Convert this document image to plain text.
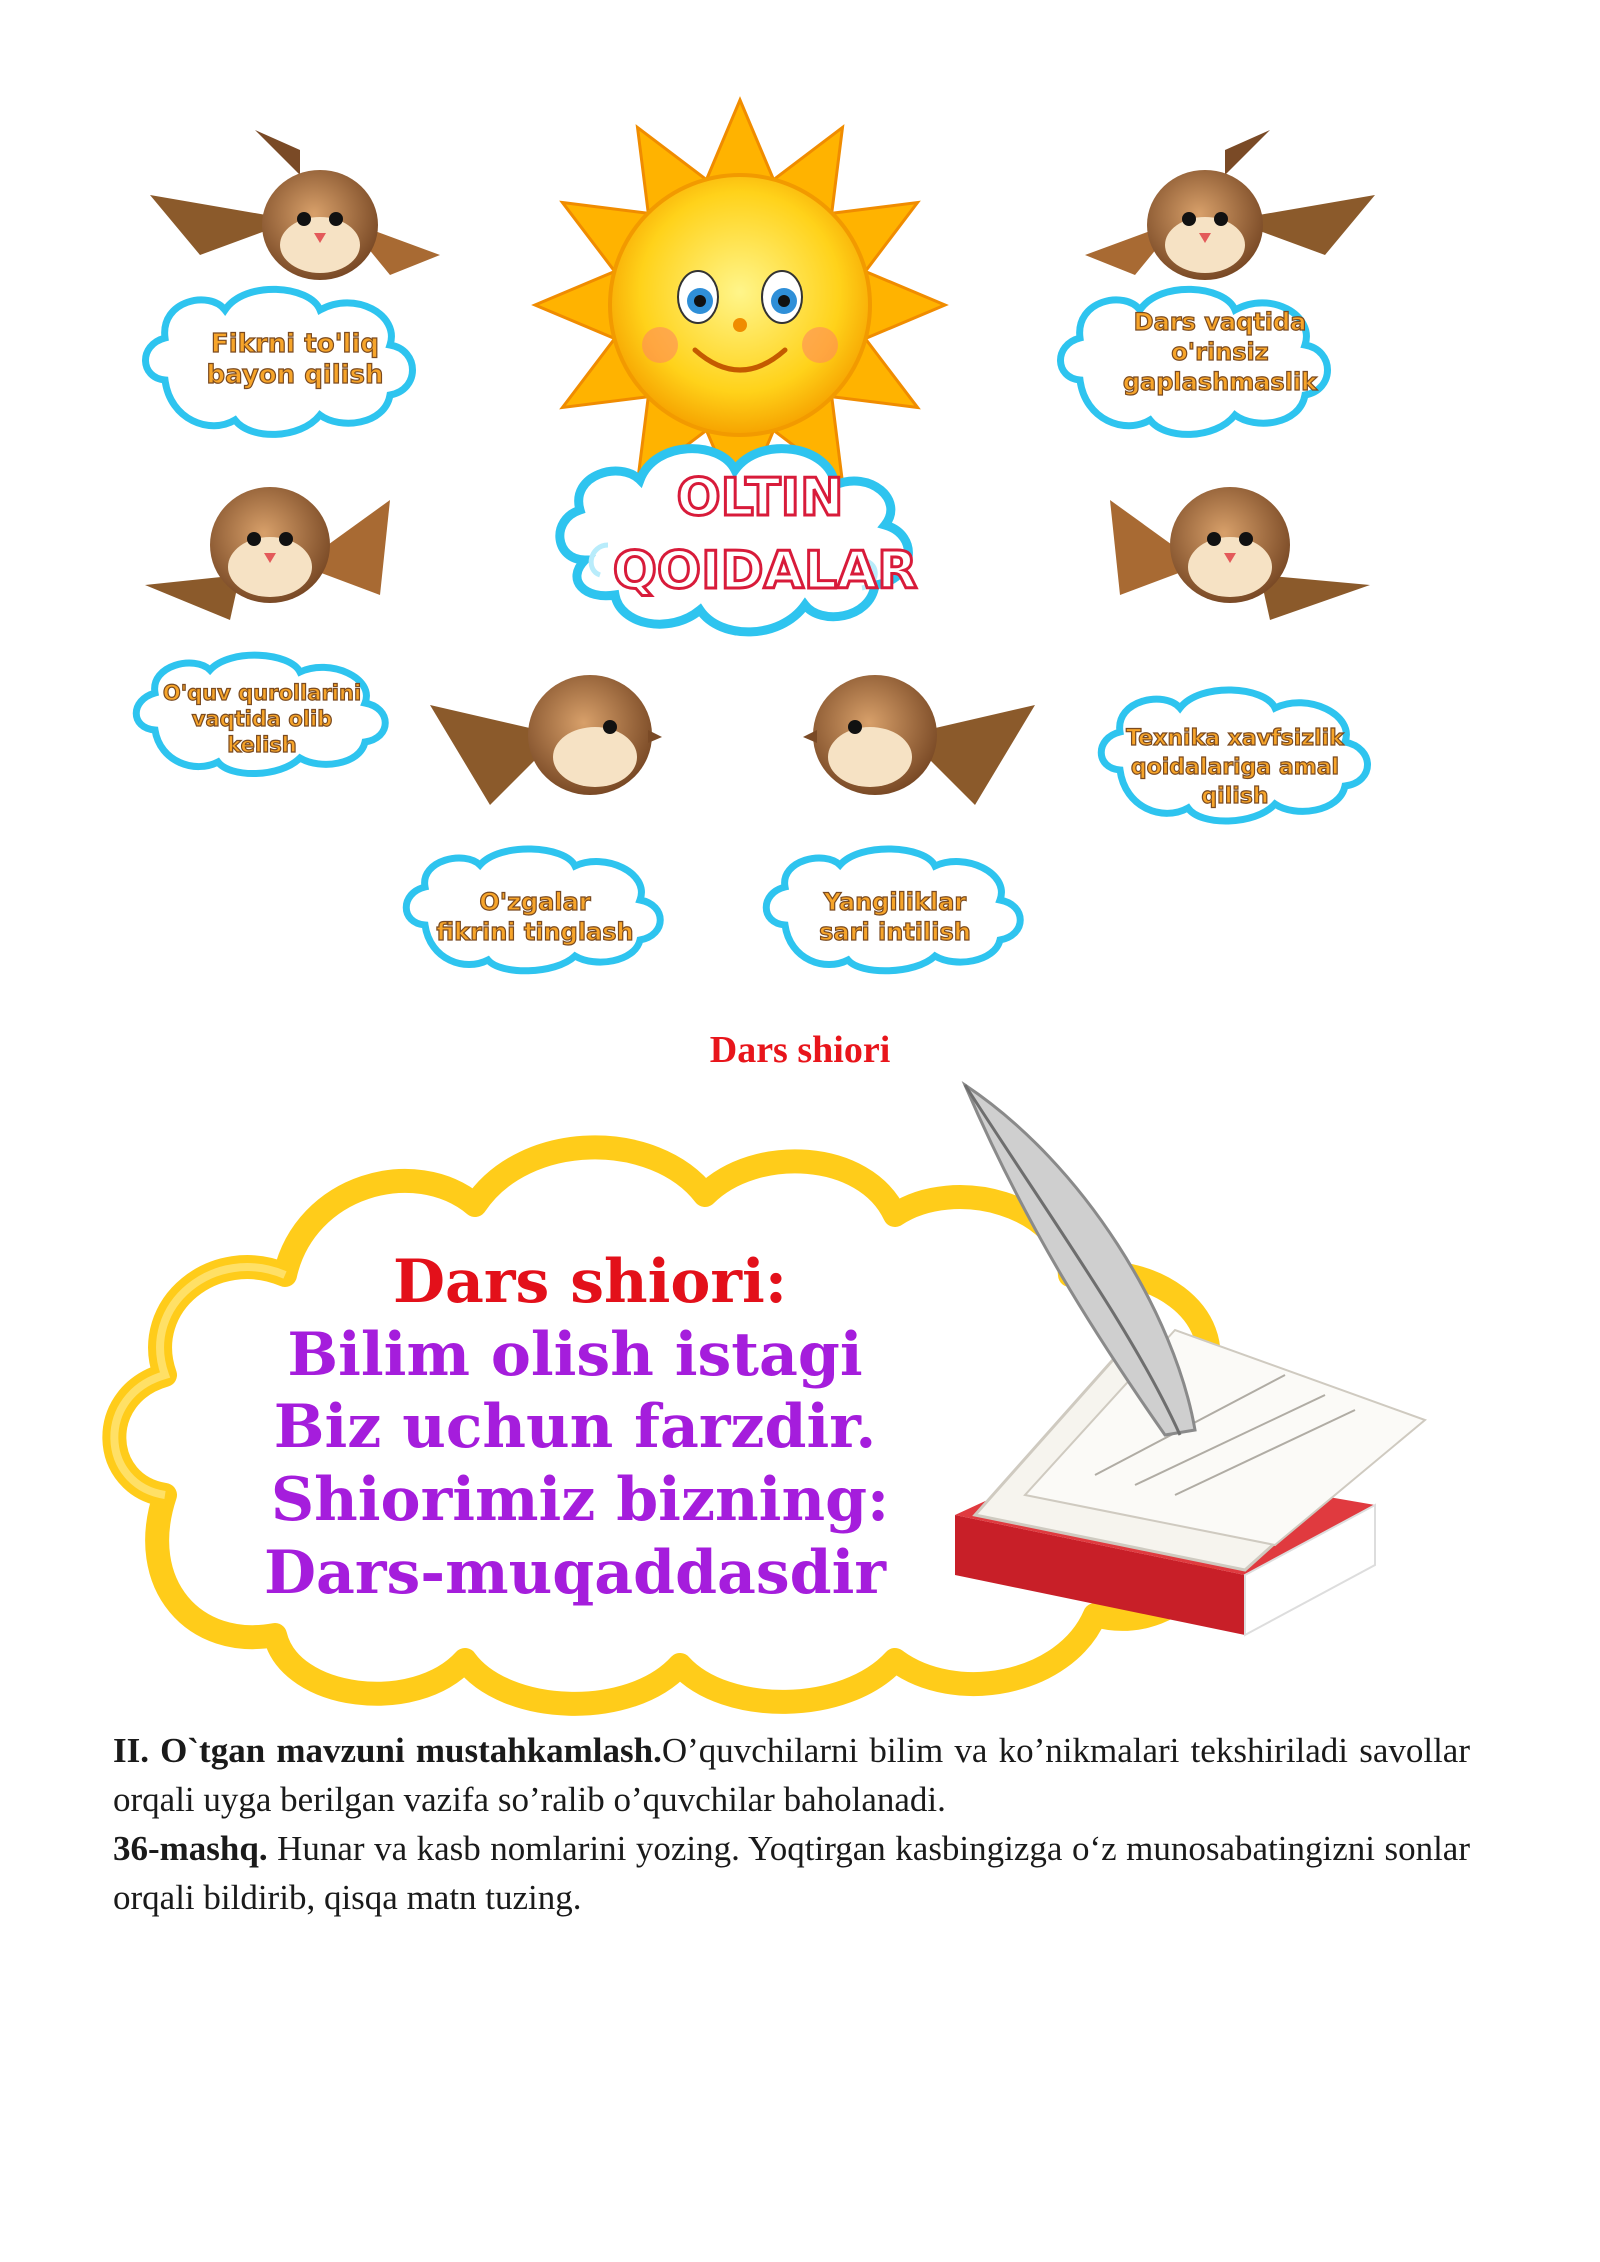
OLTIN
QOIDALAR
Fikrni to'liq
bayon qilish
Dars vaqtida
o'rinsiz
gaplashmaslik
O'quv qurollarini
vaqtida olib
kelish	Texnika xavfsizlik
qoidalariga amal
qilish
O'zgalar
fikrini tinglash
Yangiliklar
sari intilish
Dars shiori
Dars shiori:
Bilim olish istagi
Biz uchun farzdir.
Shiorimiz bizning:
Dars-muqaddasdir

II. O`tgan mavzuni mustahkamlash.O’quvchilarni bilim va ko’nikmalari tekshiriladi savollar orqali uyga berilgan vazifa so’ralib o’quvchilar baholanadi.
36-mashq. Hunar va kasb nomlarini yozing. Yoqtirgan kasbingizga o‘z munosabatingizni sonlar orqali bildirib, qisqa matn tuzing.
